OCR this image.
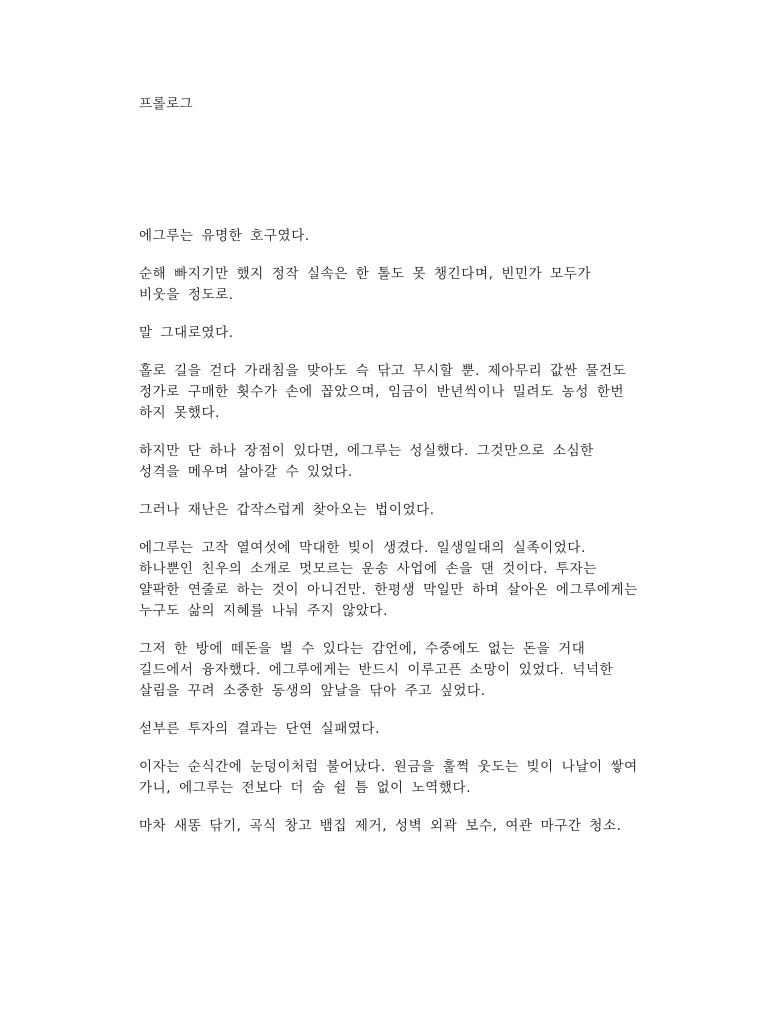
프롤로그

에그루는 유명한 호구였다.

순해 빠지기만 했지 정작 실속은 한 톨도 못 챙긴다며, 빈민가 모두가
비웃을 정도로.

말 그대로였다.

홀로 길을 걷다 가래침을 맞아도 슥 닦고 무시할 뿐. 제아무리 값싼 물건도
정가로 구매한 횟수가 손에 꼽았으며, 임금이 반년씩이나 밀려도 농성 한번
하지 못했다.

하지만 단 하나 장점이 있다면, 에그루는 성실했다. 그것만으로 소심한
성격을 메우며 살아갈 수 있었다.

그러나 재난은 갑작스럽게 찾아오는 법이었다.

에그루는 고작 열여섯에 막대한 빚이 생겼다. 일생일대의 실족이었다.
하나뿐인 친우의 소개로 멋모르는 운송 사업에 손을 댄 것이다. 투자는
얄팍한 연줄로 하는 것이 아니건만. 한평생 막일만 하며 살아온 에그루에게는
누구도 삶의 지혜를 나눠 주지 않았다.

그저 한 방에 떼돈을 벌 수 있다는 감언에, 수중에도 없는 돈을 거대
길드에서 융자했다. 에그루에게는 반드시 이루고픈 소망이 있었다. 넉넉한
살림을 꾸려 소중한 동생의 앞날을 닦아 주고 싶었다.

섣부른 투자의 결과는 단연 실패였다.

이자는 순식간에 눈덩이처럼 불어났다. 원금을 훌쩍 웃도는 빚이 나날이 쌓여
가니, 에그루는 전보다 더 숨 쉴 틈 없이 노역했다.

마차 새똥 닦기, 곡식 창고 뱀집 제거, 성벽 외곽 보수, 여관 마구간 청소.
